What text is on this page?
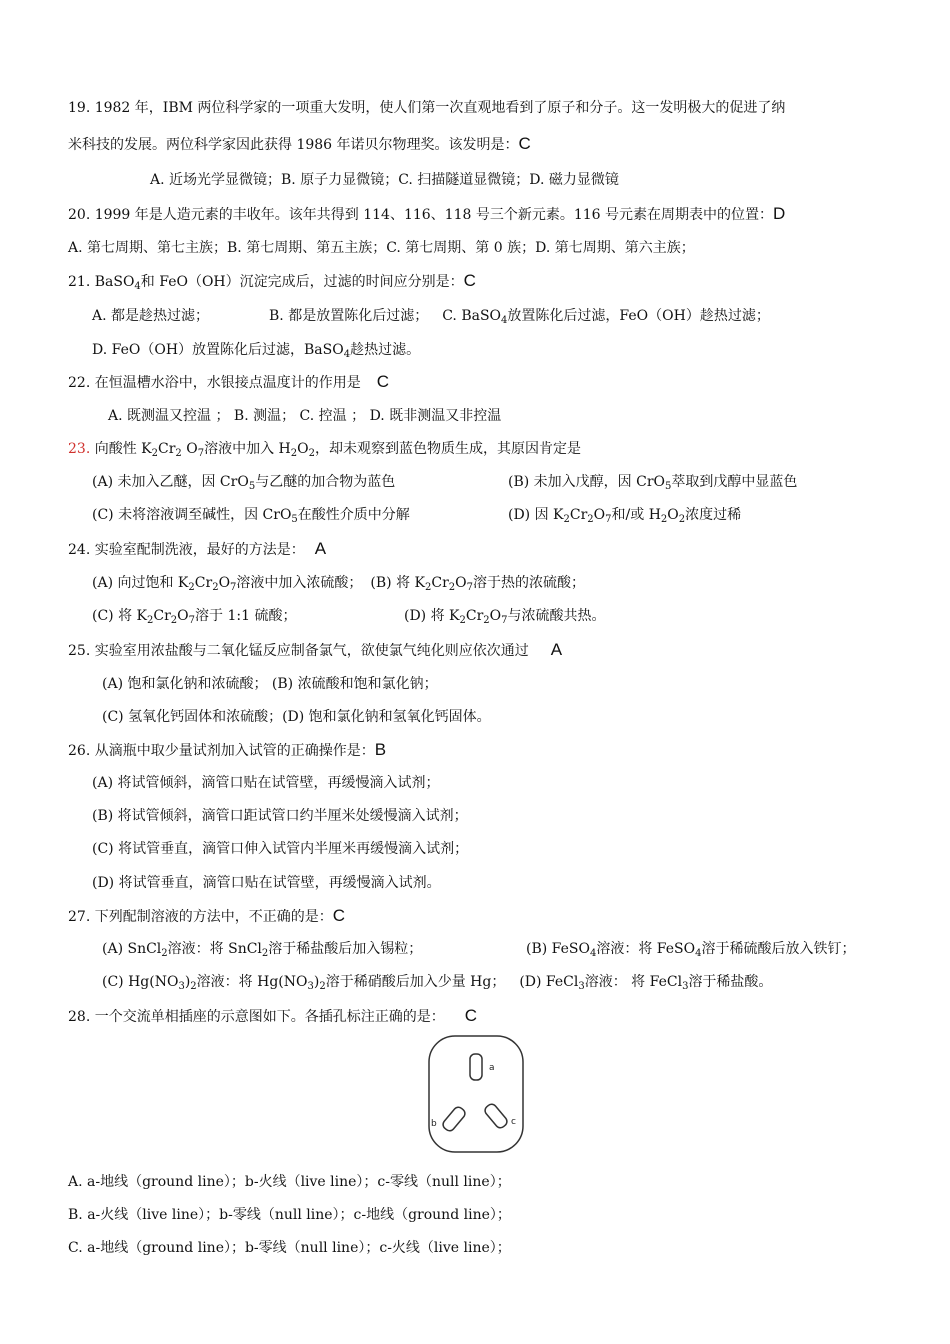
19. 1982 年，IBM 两位科学家的一项重大发明，使人们第一次直观地看到了原子和分子。这一发明极大的促进了纳
米科技的发展。两位科学家因此获得 1986 年诺贝尔物理奖。该发明是：C
A. 近场光学显微镜；B. 原子力显微镜；C. 扫描隧道显微镜；D. 磁力显微镜
20. 1999 年是人造元素的丰收年。该年共得到 114、116、118 号三个新元素。116 号元素在周期表中的位置：D
A. 第七周期、第七主族；B. 第七周期、第五主族；C. 第七周期、第 0 族；D. 第七周期、第六主族；
21. BaSO$_4$和 FeO（OH）沉淀完成后，过滤的时间应分别是：C
A. 都是趁热过滤；	B. 都是放置陈化后过滤； C. BaSO$_4$放置陈化后过滤，FeO（OH）趁热过滤；
D. FeO（OH）放置陈化后过滤，BaSO$_4$趁热过滤。
22. 在恒温槽水浴中，水银接点温度计的作用是 C
A. 既测温又控温 ； B. 测温； C. 控温 ； D. 既非测温又非控温
23. 向酸性 $K_2Cr_2$ $O_7$溶液中加入 $H_2O_2$，却未观察到蓝色物质生成，其原因肯定是
(A) 未加入乙醚，因 CrO$_5$与乙醚的加合物为蓝色	(B) 未加入戊醇，因 CrO$_5$萃取到戊醇中显蓝色
(C) 未将溶液调至碱性，因 CrO$_5$在酸性介质中分解	(D) 因 $K_2Cr_2O_7$和/或 $H_2O_2$浓度过稀
24. 实验室配制洗液，最好的方法是： A
(A) 向过饱和 $K_2Cr_2O_7$溶液中加入浓硫酸； (B) 将 $K_2Cr_2O_7$溶于热的浓硫酸；
(C) 将 $K_2Cr_2O_7$溶于 1:1 硫酸；	(D) 将 $K_2Cr_2O_7$与浓硫酸共热。
25. 实验室用浓盐酸与二氧化锰反应制备氯气，欲使氯气纯化则应依次通过 A
(A) 饱和氯化钠和浓硫酸； (B) 浓硫酸和饱和氯化钠；
(C) 氢氧化钙固体和浓硫酸；(D) 饱和氯化钠和氢氧化钙固体。
26. 从滴瓶中取少量试剂加入试管的正确操作是：B
(A) 将试管倾斜，滴管口贴在试管壁，再缓慢滴入试剂；
(B) 将试管倾斜，滴管口距试管口约半厘米处缓慢滴入试剂；
(C) 将试管垂直，滴管口伸入试管内半厘米再缓慢滴入试剂；
(D) 将试管垂直，滴管口贴在试管壁，再缓慢滴入试剂。
27. 下列配制溶液的方法中，不正确的是：C
(A) SnCl$_2$溶液：将 SnCl$_2$溶于稀盐酸后加入锡粒；	(B) FeSO$_4$溶液：将 FeSO$_4$溶于稀硫酸后放入铁钉；
(C) $Hg(NO_3)_2$溶液：将 $Hg(NO_3)_2$溶于稀硝酸后加入少量 Hg； (D) FeCl$_3$溶液： 将 FeCl$_3$溶于稀盐酸。
28. 一个交流单相插座的示意图如下。各插孔标注正确的是： C
a
b	c
A. a-地线（ground line）；b-火线（live line）；c-零线（null line）；
B. a-火线（live line）；b-零线（null line）；c-地线（ground line）；
C. a-地线（ground line）；b-零线（null line）；c-火线（live line）；
